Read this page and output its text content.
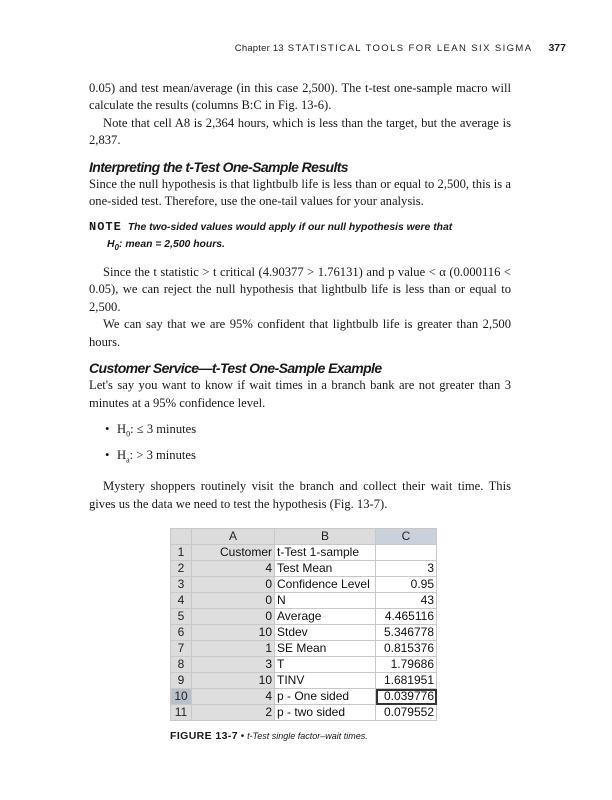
Chapter 13 STATISTICAL TOOLS FOR LEAN SIX SIGMA 377

0.05) and test mean/average (in this case 2,500). The t-test one-sample macro will calculate the results (columns B:C in Fig. 13-6).

Note that cell A8 is 2,364 hours, which is less than the target, but the average is 2,837.

Interpreting the t-Test One-Sample Results

Since the null hypothesis is that lightbulb life is less than or equal to 2,500, this is a one-sided test. Therefore, use the one-tail values for your analysis.

NOTE The two-sided values would apply if our null hypothesis were that
$H_0$: mean = 2,500 hours.

Since the t statistic > t critical (4.90377 > 1.76131) and p value < α (0.000116 < 0.05), we can reject the null hypothesis that lightbulb life is less than or equal to 2,500.

We can say that we are 95% confident that lightbulb life is greater than 2,500 hours.

Customer Service—t-Test One-Sample Example

Let's say you want to know if wait times in a branch bank are not greater than 3 minutes at a 95% confidence level.

• $H_0$: ≤ 3 minutes
• $H_a$: > 3 minutes

Mystery shoppers routinely visit the branch and collect their wait time. This gives us the data we need to test the hypothesis (Fig. 13-7).

	A	B	C
1	Customer	t-Test 1-sample	
2	4	Test Mean	3
3	0	Confidence Level	0.95
4	0	N	43
5	0	Average	4.465116
6	10	Stdev	5.346778
7	1	SE Mean	0.815376
8	3	T	1.79686
9	10	TINV	1.681951
10	4	p - One sided	0.039776
11	2	p - two sided	0.079552
FIGURE 13-7 • t-Test single factor–wait times.
